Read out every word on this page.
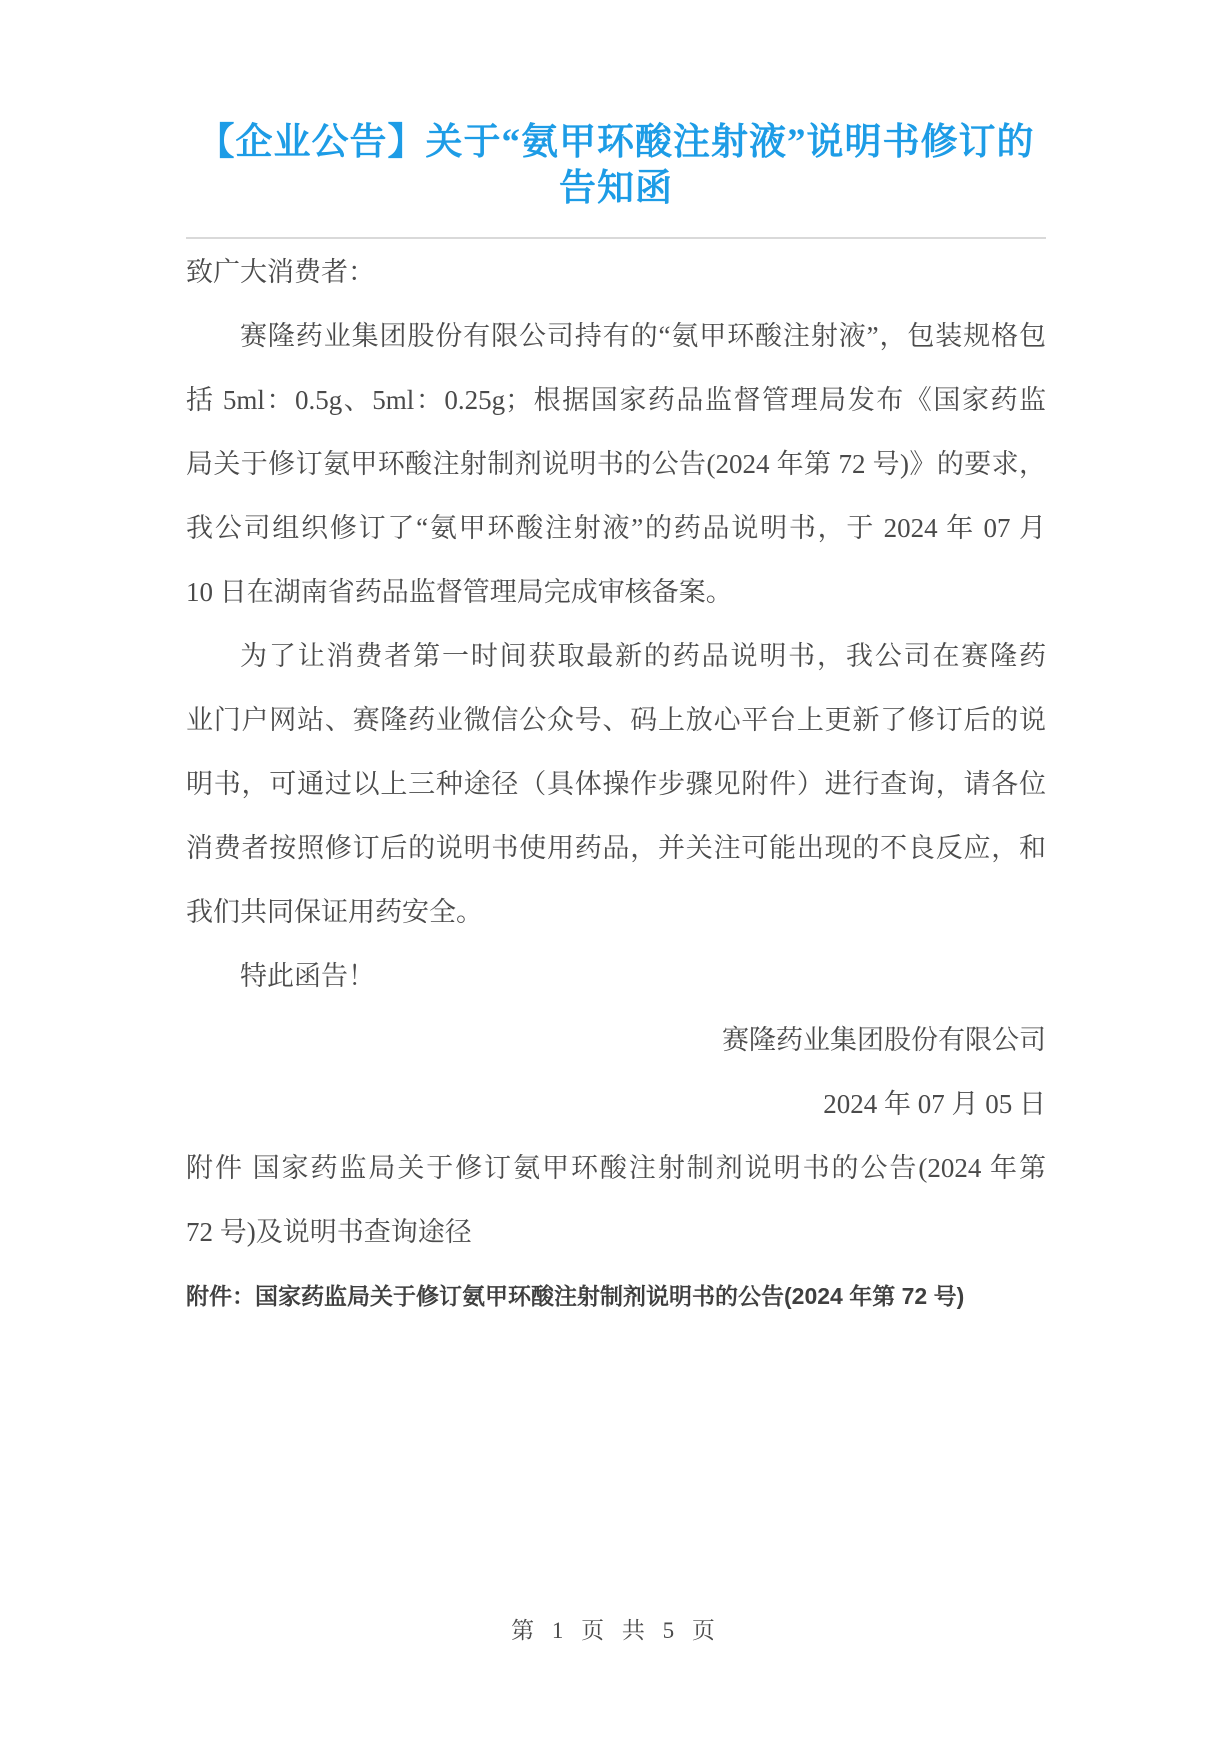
【企业公告】关于“氨甲环酸注射液”说明书修订的告知函
致广大消费者：
赛隆药业集团股份有限公司持有的“氨甲环酸注射液”，包装规格包
括 5ml：0.5g、5ml：0.25g；根据国家药品监督管理局发布《国家药监
局关于修订氨甲环酸注射制剂说明书的公告(2024 年第 72 号)》的要求，
我公司组织修订了“氨甲环酸注射液”的药品说明书，于 2024 年 07 月
10 日在湖南省药品监督管理局完成审核备案。
为了让消费者第一时间获取最新的药品说明书，我公司在赛隆药
业门户网站、赛隆药业微信公众号、码上放心平台上更新了修订后的说
明书，可通过以上三种途径（具体操作步骤见附件）进行查询，请各位
消费者按照修订后的说明书使用药品，并关注可能出现的不良反应，和
我们共同保证用药安全。
特此函告！
赛隆药业集团股份有限公司
2024 年 07 月 05 日
附件 国家药监局关于修订氨甲环酸注射制剂说明书的公告(2024 年第
72 号)及说明书查询途径
附件：国家药监局关于修订氨甲环酸注射制剂说明书的公告(2024 年第 72 号)
第 1 页 共 5 页
